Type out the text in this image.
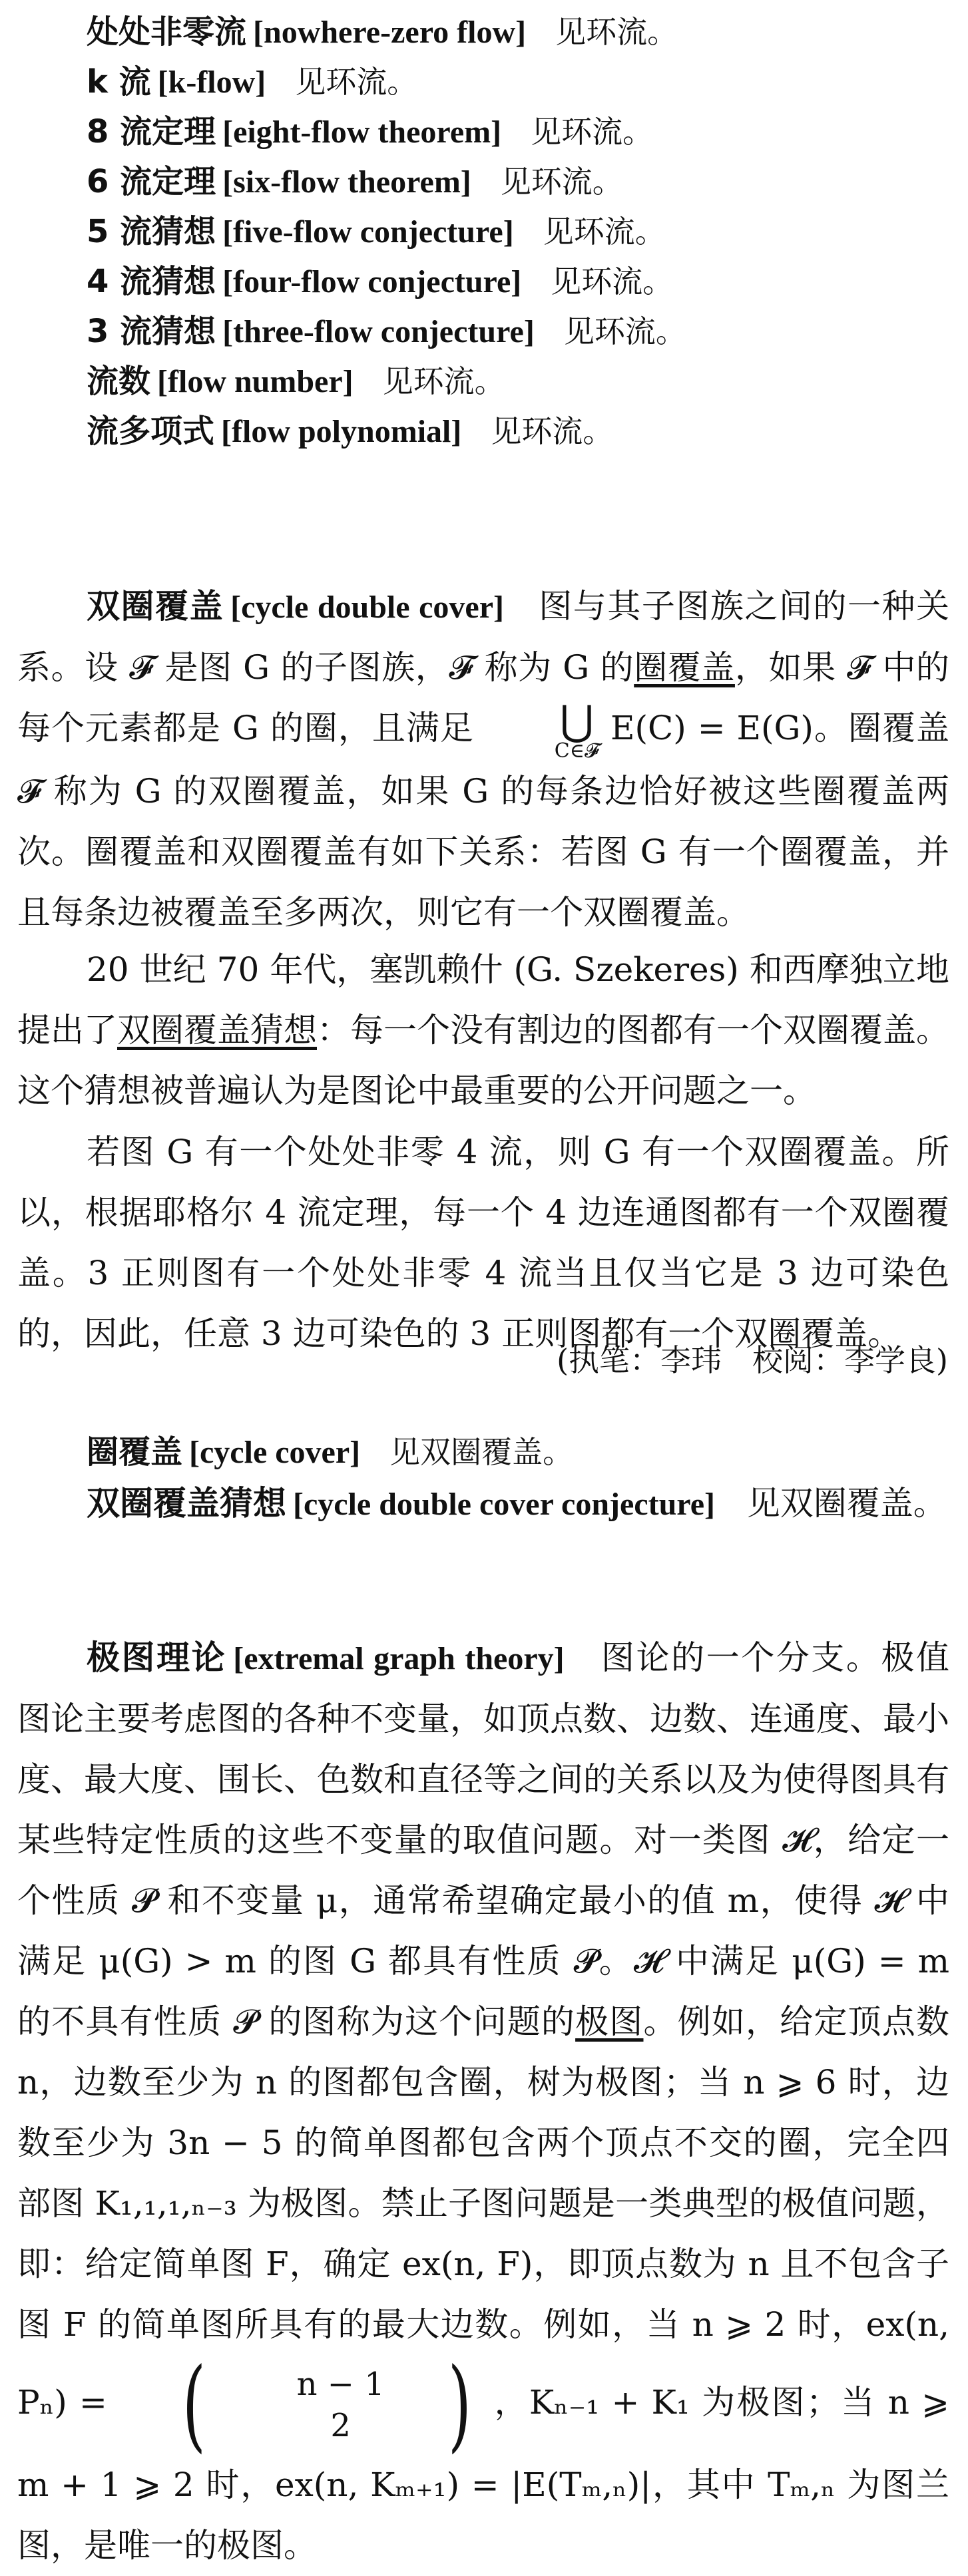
处处非零流 [nowhere-zero flow] 见环流。
k 流 [k-flow] 见环流。
8 流定理 [eight-flow theorem] 见环流。
6 流定理 [six-flow theorem] 见环流。
5 流猜想 [five-flow conjecture] 见环流。
4 流猜想 [four-flow conjecture] 见环流。
3 流猜想 [three-flow conjecture] 见环流。
流数 [flow number] 见环流。
流多项式 [flow polynomial] 见环流。
双圈覆盖 [cycle double cover] 图与其子图族之间的一种关系。设 𝓕 是图 G 的子图族，𝓕 称为 G 的圈覆盖，如果 𝓕 中的每个元素都是 G 的圈，且满足	⋃
C∈𝓕
E(C) = E(G)。圈覆盖 𝓕 称为 G 的双圈覆盖，如果 G 的每条边恰好被这些圈覆盖两次。圈覆盖和双圈覆盖有如下关系：若图 G 有一个圈覆盖，并且每条边被覆盖至多两次，则它有一个双圈覆盖。
20 世纪 70 年代，塞凯赖什 (G. Szekeres) 和西摩独立地提出了双圈覆盖猜想：每一个没有割边的图都有一个双圈覆盖。这个猜想被普遍认为是图论中最重要的公开问题之一。
若图 G 有一个处处非零 4 流，则 G 有一个双圈覆盖。所以，根据耶格尔 4 流定理，每一个 4 边连通图都有一个双圈覆盖。3 正则图有一个处处非零 4 流当且仅当它是 3 边可染色的，因此，任意 3 边可染色的 3 正则图都有一个双圈覆盖。
(执笔：李玮　校阅：李学良)
圈覆盖 [cycle cover] 见双圈覆盖。
双圈覆盖猜想 [cycle double cover conjecture] 见双圈覆盖。
极图理论 [extremal graph theory] 图论的一个分支。极值图论主要考虑图的各种不变量，如顶点数、边数、连通度、最小度、最大度、围长、色数和直径等之间的关系以及为使得图具有某些特定性质的这些不变量的取值问题。对一类图 𝓗，给定一个性质 𝓟 和不变量 μ，通常希望确定最小的值 m，使得 𝓗 中满足 μ(G) > m 的图 G 都具有性质 𝓟。𝓗 中满足 μ(G) = m 的不具有性质 𝓟 的图称为这个问题的极图。例如，给定顶点数 n，边数至少为 n 的图都包含圈，树为极图；当 n ⩾ 6 时，边数至少为 3n − 5 的简单图都包含两个顶点不交的圈，完全四部图 K₁,₁,₁,ₙ₋₃ 为极图。禁止子图问题是一类典型的极值问题，即：给定简单图 F，确定 ex(n, F)，即顶点数为 n 且不包含子图 F 的简单图所具有的最大边数。例如，当 n ⩾ 2 时，ex(n, Pₙ) = (	n − 1
2 ) ，Kₙ₋₁ + K₁ 为极图；当 n ⩾ m + 1 ⩾ 2 时，ex(n, Kₘ₊₁) = |E(Tₘ,ₙ)|，其中 Tₘ,ₙ 为图兰图，是唯一的极图。
